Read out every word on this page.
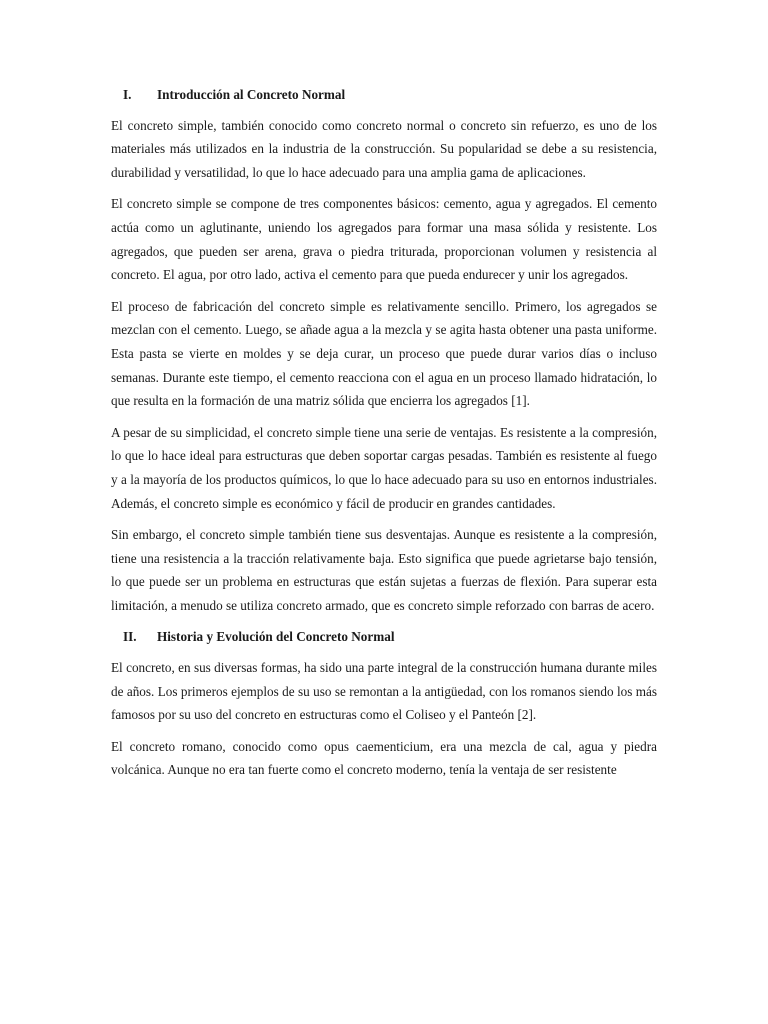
I.	Introducción al Concreto Normal

El concreto simple, también conocido como concreto normal o concreto sin refuerzo, es uno de los materiales más utilizados en la industria de la construcción. Su popularidad se debe a su resistencia, durabilidad y versatilidad, lo que lo hace adecuado para una amplia gama de aplicaciones.

El concreto simple se compone de tres componentes básicos: cemento, agua y agregados. El cemento actúa como un aglutinante, uniendo los agregados para formar una masa sólida y resistente. Los agregados, que pueden ser arena, grava o piedra triturada, proporcionan volumen y resistencia al concreto. El agua, por otro lado, activa el cemento para que pueda endurecer y unir los agregados.

El proceso de fabricación del concreto simple es relativamente sencillo. Primero, los agregados se mezclan con el cemento. Luego, se añade agua a la mezcla y se agita hasta obtener una pasta uniforme. Esta pasta se vierte en moldes y se deja curar, un proceso que puede durar varios días o incluso semanas. Durante este tiempo, el cemento reacciona con el agua en un proceso llamado hidratación, lo que resulta en la formación de una matriz sólida que encierra los agregados [1].

A pesar de su simplicidad, el concreto simple tiene una serie de ventajas. Es resistente a la compresión, lo que lo hace ideal para estructuras que deben soportar cargas pesadas. También es resistente al fuego y a la mayoría de los productos químicos, lo que lo hace adecuado para su uso en entornos industriales. Además, el concreto simple es económico y fácil de producir en grandes cantidades.

Sin embargo, el concreto simple también tiene sus desventajas. Aunque es resistente a la compresión, tiene una resistencia a la tracción relativamente baja. Esto significa que puede agrietarse bajo tensión, lo que puede ser un problema en estructuras que están sujetas a fuerzas de flexión. Para superar esta limitación, a menudo se utiliza concreto armado, que es concreto simple reforzado con barras de acero.

II.	Historia y Evolución del Concreto Normal

El concreto, en sus diversas formas, ha sido una parte integral de la construcción humana durante miles de años. Los primeros ejemplos de su uso se remontan a la antigüedad, con los romanos siendo los más famosos por su uso del concreto en estructuras como el Coliseo y el Panteón [2].

El concreto romano, conocido como opus caementicium, era una mezcla de cal, agua y piedra volcánica. Aunque no era tan fuerte como el concreto moderno, tenía la ventaja de ser resistente
